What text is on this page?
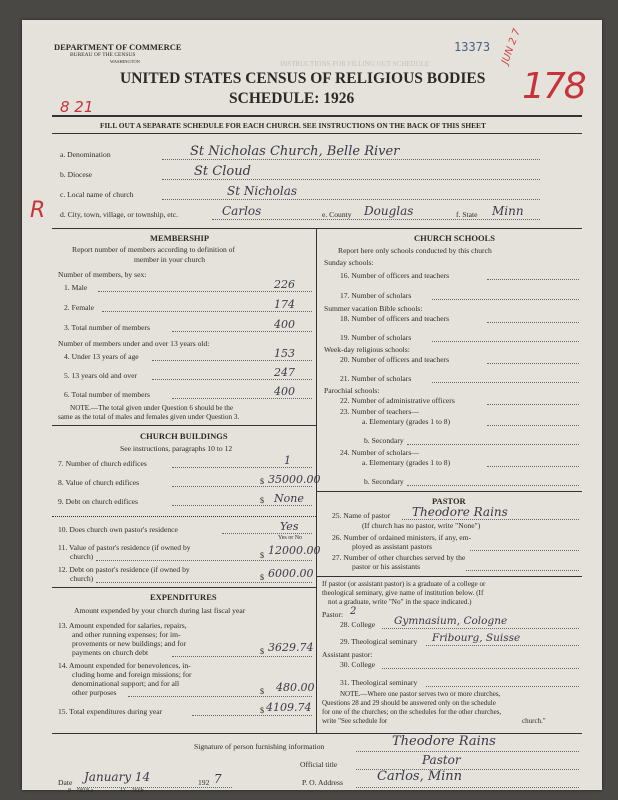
DEPARTMENT OF COMMERCE
BUREAU OF THE CENSUS
WASHINGTON
13373
INSTRUCTIONS FOR FILLING OUT SCHEDULE
UNITED STATES CENSUS OF RELIGIOUS BODIES
SCHEDULE: 1926
8 21
JUN 2 7
178
R
FILL OUT A SEPARATE SCHEDULE FOR EACH CHURCH. SEE INSTRUCTIONS ON THE BACK OF THIS SHEET
a. Denomination	St Nicholas Church, Belle River
b. Diocese	St Cloud
c. Local name of church	St Nicholas
d. City, town, village, or township, etc.	Carlos	e. County Douglas	f. State Minn
MEMBERSHIP
Report number of members according to definition of
member in your church
Number of members, by sex:
1. Male	226
2. Female	174
3. Total number of members	400
Number of members under and over 13 years old:
4. Under 13 years of age	153
5. 13 years old and over	247
6. Total number of members	400
NOTE.—The total given under Question 6 should be the
same as the total of males and females given under Question 3.
CHURCH BUILDINGS
See instructions, paragraphs 10 to 12
7. Number of church edifices	1
8. Value of church edifices	$ 35000.00
9. Debt on church edifices	$ None
10. Does church own pastor's residence	Yes
Yes or No
11. Value of pastor's residence (if owned by
church)	$ 12000.00
12. Debt on pastor's residence (if owned by
church)	$ 6000.00
EXPENDITURES
Amount expended by your church during last fiscal year
13. Amount expended for salaries, repairs,
and other running expenses; for im-
provements or new buildings; and for
payments on church debt	$ 3629.74
14. Amount expended for benevolences, in-
cluding home and foreign missions; for
denominational support; and for all
other purposes	$ 480.00
15. Total expenditures during year	$ 4109.74
CHURCH SCHOOLS
Report here only schools conducted by this church
Sunday schools:
16. Number of officers and teachers
17. Number of scholars
Summer vacation Bible schools:
18. Number of officers and teachers
19. Number of scholars
Week-day religious schools:
20. Number of officers and teachers
21. Number of scholars
Parochial schools:
22. Number of administrative officers
23. Number of teachers—
a. Elementary (grades 1 to 8)
b. Secondary
24. Number of scholars—
a. Elementary (grades 1 to 8)
b. Secondary
PASTOR
25. Name of pastor Theodore Rains
(If church has no pastor, write "None")
26. Number of ordained ministers, if any, em-
ployed as assistant pastors
27. Number of other churches served by the
pastor or his assistants
If pastor (or assistant pastor) is a graduate of a college or
theological seminary, give name of institution below. (If
not a graduate, write "No" in the space indicated.)
Pastor: 2
28. College Gymnasium, Cologne
29. Theological seminary Fribourg, Suisse
Assistant pastor:
30. College
31. Theological seminary
NOTE.—Where one pastor serves two or more churches,
Questions 28 and 29 should be answered only on the schedule
for one of the churches; on the schedules for the other churches,
write "See schedule for	church."
Signature of person furnishing information	Theodore Rains
Official title	Pastor
Date January 14	192 7
8—5818 a	11—366b
P. O. Address	Carlos, Minn
